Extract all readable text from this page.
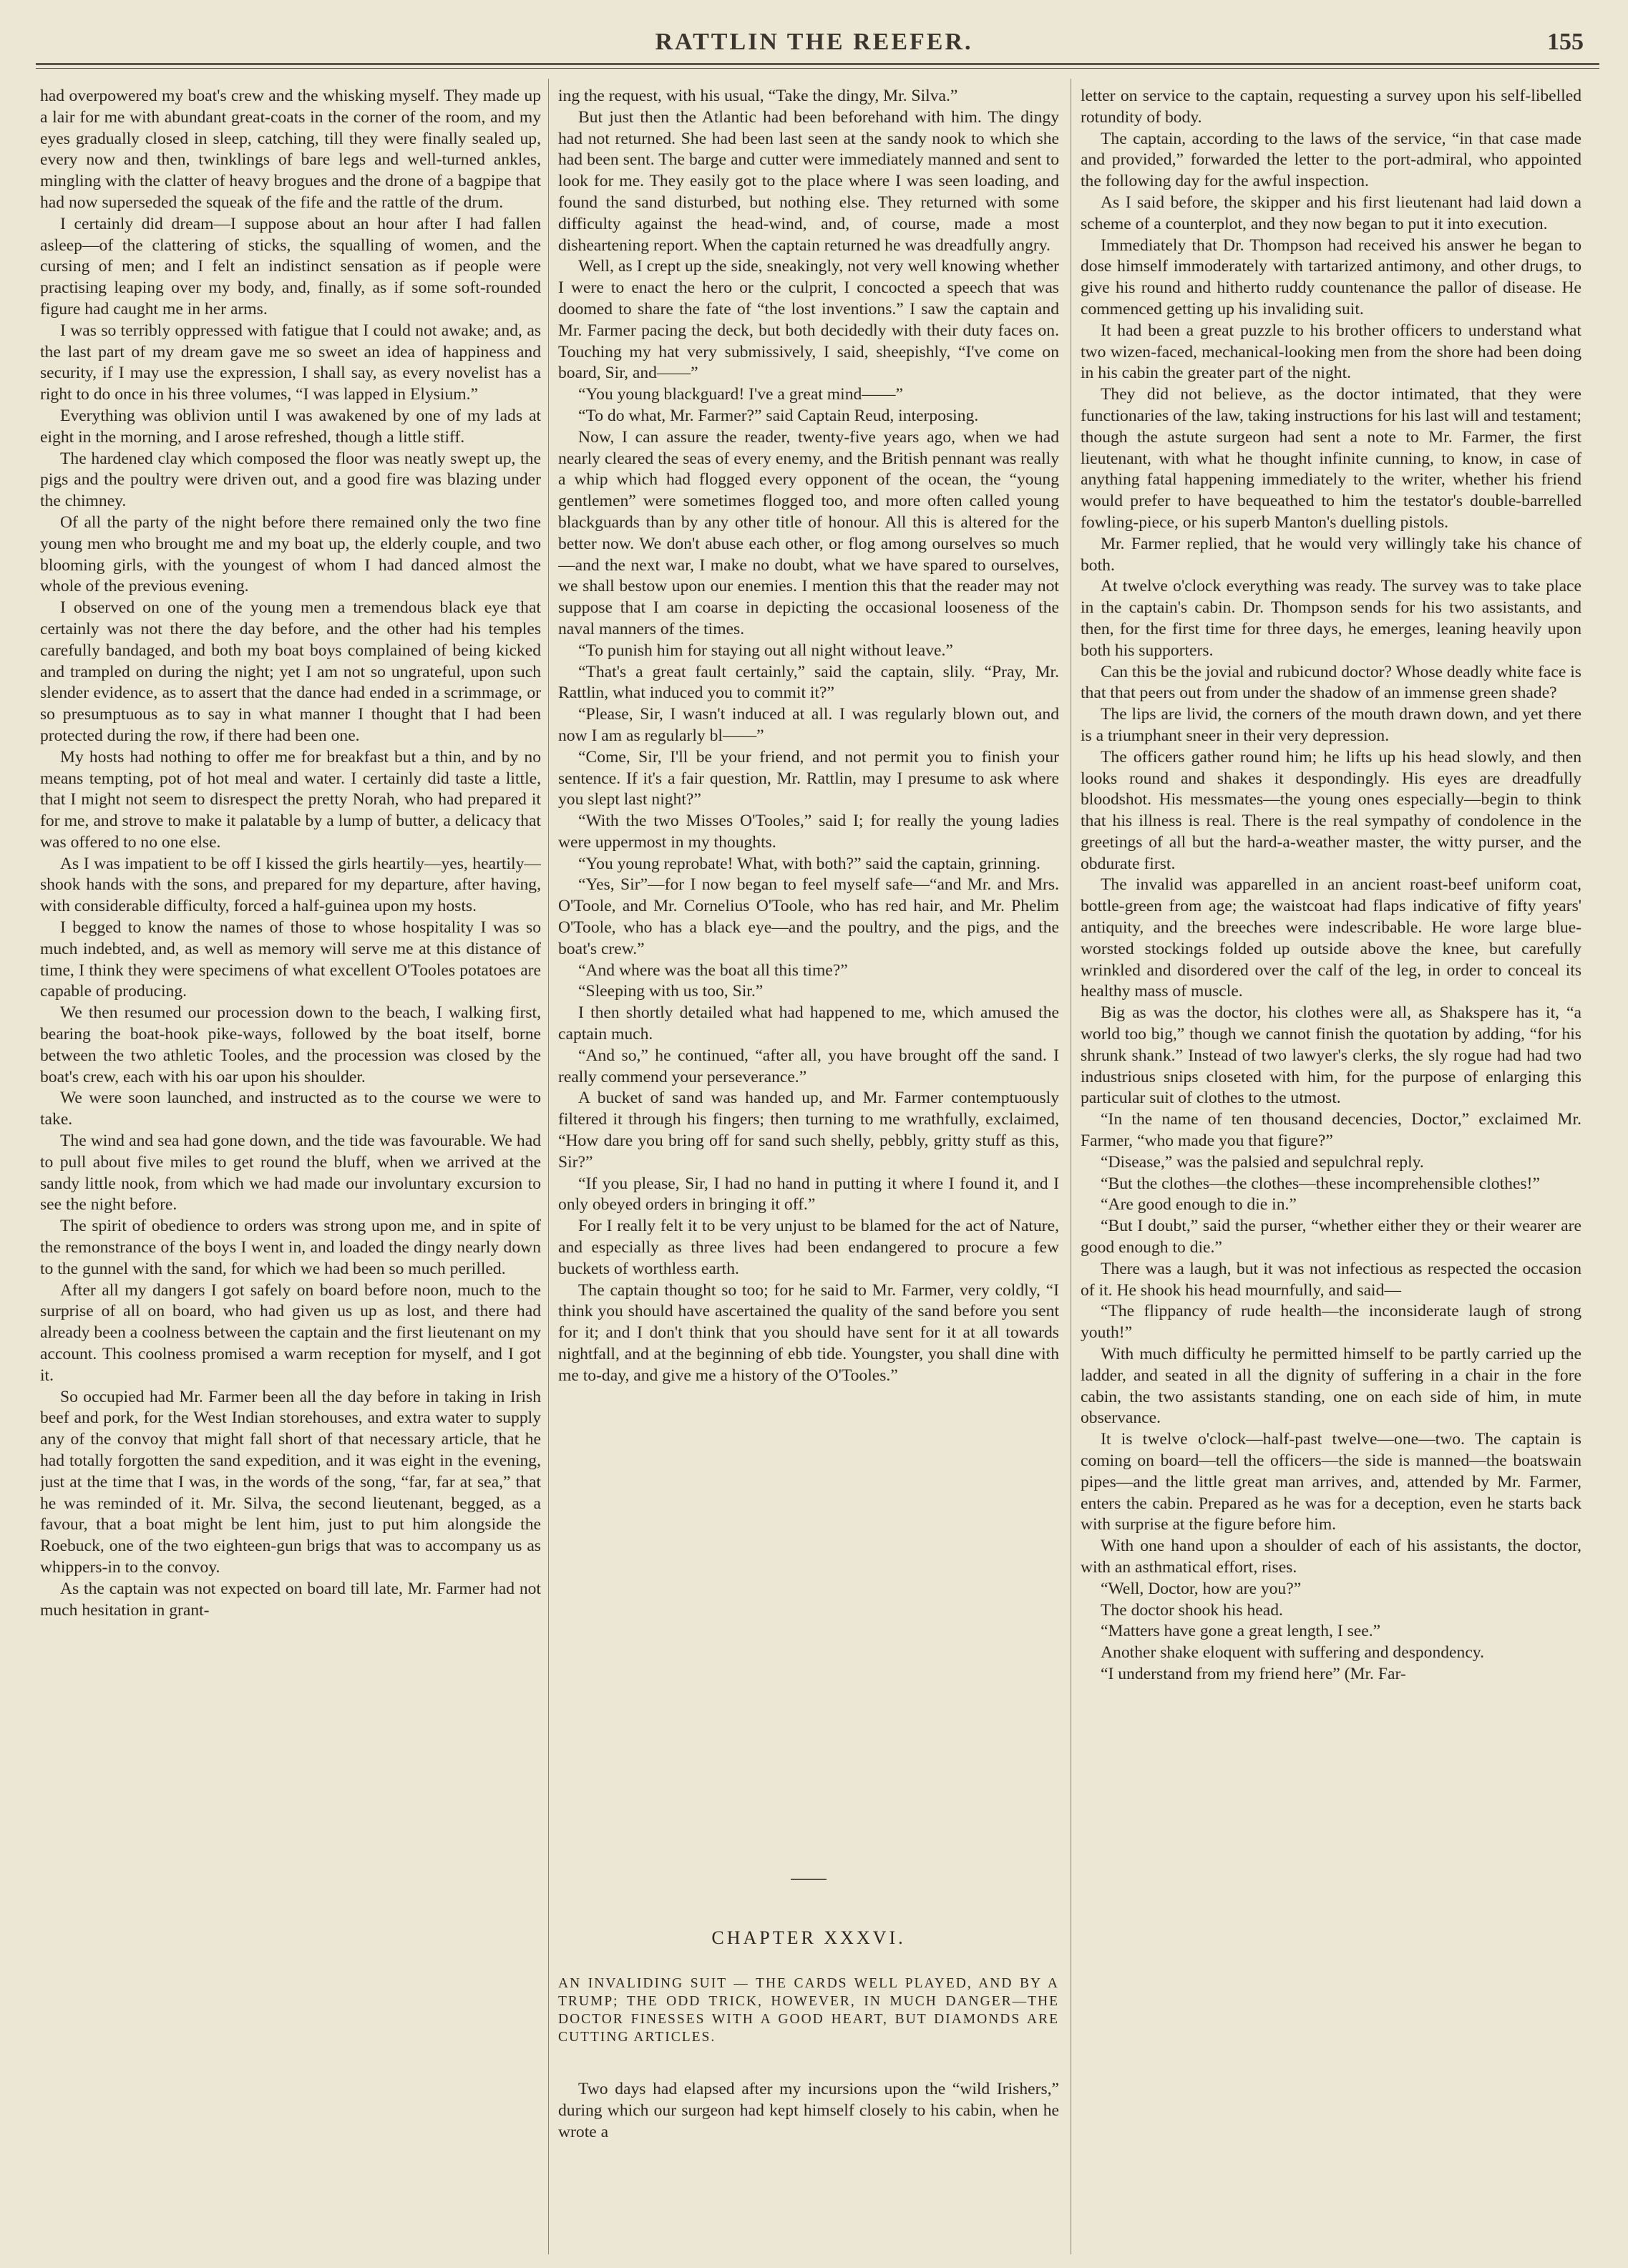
RATTLIN THE REEFER.	155

had overpowered my boat's crew and the whisking myself. They made up a lair for me with abundant great-coats in the corner of the room, and my eyes gradually closed in sleep, catching, till they were finally sealed up, every now and then, twinklings of bare legs and well-turned ankles, mingling with the clatter of heavy brogues and the drone of a bagpipe that had now superseded the squeak of the fife and the rattle of the drum.

I certainly did dream—I suppose about an hour after I had fallen asleep—of the clattering of sticks, the squalling of women, and the cursing of men; and I felt an indistinct sensation as if people were practising leaping over my body, and, finally, as if some soft-rounded figure had caught me in her arms.

I was so terribly oppressed with fatigue that I could not awake; and, as the last part of my dream gave me so sweet an idea of happiness and security, if I may use the expression, I shall say, as every novelist has a right to do once in his three volumes, “I was lapped in Elysium.”

Everything was oblivion until I was awakened by one of my lads at eight in the morning, and I arose refreshed, though a little stiff.

The hardened clay which composed the floor was neatly swept up, the pigs and the poultry were driven out, and a good fire was blazing under the chimney.

Of all the party of the night before there remained only the two fine young men who brought me and my boat up, the elderly couple, and two blooming girls, with the youngest of whom I had danced almost the whole of the previous evening.

I observed on one of the young men a tremendous black eye that certainly was not there the day before, and the other had his temples carefully bandaged, and both my boat boys complained of being kicked and trampled on during the night; yet I am not so ungrateful, upon such slender evidence, as to assert that the dance had ended in a scrimmage, or so presumptuous as to say in what manner I thought that I had been protected during the row, if there had been one.

My hosts had nothing to offer me for breakfast but a thin, and by no means tempting, pot of hot meal and water. I certainly did taste a little, that I might not seem to disrespect the pretty Norah, who had prepared it for me, and strove to make it palatable by a lump of butter, a delicacy that was offered to no one else.

As I was impatient to be off I kissed the girls heartily—yes, heartily—shook hands with the sons, and prepared for my departure, after having, with considerable difficulty, forced a half-guinea upon my hosts.

I begged to know the names of those to whose hospitality I was so much indebted, and, as well as memory will serve me at this distance of time, I think they were specimens of what excellent O'Tooles potatoes are capable of producing.

We then resumed our procession down to the beach, I walking first, bearing the boat-hook pike-ways, followed by the boat itself, borne between the two athletic Tooles, and the procession was closed by the boat's crew, each with his oar upon his shoulder.

We were soon launched, and instructed as to the course we were to take.

The wind and sea had gone down, and the tide was favourable. We had to pull about five miles to get round the bluff, when we arrived at the sandy little nook, from which we had made our involuntary excursion to see the night before.

The spirit of obedience to orders was strong upon me, and in spite of the remonstrance of the boys I went in, and loaded the dingy nearly down to the gunnel with the sand, for which we had been so much perilled.

After all my dangers I got safely on board before noon, much to the surprise of all on board, who had given us up as lost, and there had already been a coolness between the captain and the first lieutenant on my account. This coolness promised a warm reception for myself, and I got it.

So occupied had Mr. Farmer been all the day before in taking in Irish beef and pork, for the West Indian storehouses, and extra water to supply any of the convoy that might fall short of that necessary article, that he had totally forgotten the sand expedition, and it was eight in the evening, just at the time that I was, in the words of the song, “far, far at sea,” that he was reminded of it. Mr. Silva, the second lieutenant, begged, as a favour, that a boat might be lent him, just to put him alongside the Roebuck, one of the two eighteen-gun brigs that was to accompany us as whippers-in to the convoy.

As the captain was not expected on board till late, Mr. Farmer had not much hesitation in grant-

ing the request, with his usual, “Take the dingy, Mr. Silva.”

But just then the Atlantic had been beforehand with him. The dingy had not returned. She had been last seen at the sandy nook to which she had been sent. The barge and cutter were immediately manned and sent to look for me. They easily got to the place where I was seen loading, and found the sand disturbed, but nothing else. They returned with some difficulty against the head-wind, and, of course, made a most disheartening report. When the captain returned he was dreadfully angry.

Well, as I crept up the side, sneakingly, not very well knowing whether I were to enact the hero or the culprit, I concocted a speech that was doomed to share the fate of “the lost inventions.” I saw the captain and Mr. Farmer pacing the deck, but both decidedly with their duty faces on. Touching my hat very submissively, I said, sheepishly, “I've come on board, Sir, and——”

“You young blackguard! I've a great mind——”

“To do what, Mr. Farmer?” said Captain Reud, interposing.

Now, I can assure the reader, twenty-five years ago, when we had nearly cleared the seas of every enemy, and the British pennant was really a whip which had flogged every opponent of the ocean, the “young gentlemen” were sometimes flogged too, and more often called young blackguards than by any other title of honour. All this is altered for the better now. We don't abuse each other, or flog among ourselves so much—and the next war, I make no doubt, what we have spared to ourselves, we shall bestow upon our enemies. I mention this that the reader may not suppose that I am coarse in depicting the occasional looseness of the naval manners of the times.

“To punish him for staying out all night without leave.”

“That's a great fault certainly,” said the captain, slily. “Pray, Mr. Rattlin, what induced you to commit it?”

“Please, Sir, I wasn't induced at all. I was regularly blown out, and now I am as regularly bl——”

“Come, Sir, I'll be your friend, and not permit you to finish your sentence. If it's a fair question, Mr. Rattlin, may I presume to ask where you slept last night?”

“With the two Misses O'Tooles,” said I; for really the young ladies were uppermost in my thoughts.

“You young reprobate! What, with both?” said the captain, grinning.

“Yes, Sir”—for I now began to feel myself safe—“and Mr. and Mrs. O'Toole, and Mr. Cornelius O'Toole, who has red hair, and Mr. Phelim O'Toole, who has a black eye—and the poultry, and the pigs, and the boat's crew.”

“And where was the boat all this time?”

“Sleeping with us too, Sir.”

I then shortly detailed what had happened to me, which amused the captain much.

“And so,” he continued, “after all, you have brought off the sand. I really commend your perseverance.”

A bucket of sand was handed up, and Mr. Farmer contemptuously filtered it through his fingers; then turning to me wrathfully, exclaimed, “How dare you bring off for sand such shelly, pebbly, gritty stuff as this, Sir?”

“If you please, Sir, I had no hand in putting it where I found it, and I only obeyed orders in bringing it off.”

For I really felt it to be very unjust to be blamed for the act of Nature, and especially as three lives had been endangered to procure a few buckets of worthless earth.

The captain thought so too; for he said to Mr. Farmer, very coldly, “I think you should have ascertained the quality of the sand before you sent for it; and I don't think that you should have sent for it at all towards nightfall, and at the beginning of ebb tide. Youngster, you shall dine with me to-day, and give me a history of the O'Tooles.”

CHAPTER XXXVI.
AN INVALIDING SUIT — THE CARDS WELL PLAYED, AND BY A TRUMP; THE ODD TRICK, HOWEVER, IN MUCH DANGER—THE DOCTOR FINESSES WITH A GOOD HEART, BUT DIAMONDS ARE CUTTING ARTICLES.

Two days had elapsed after my incursions upon the “wild Irishers,” during which our surgeon had kept himself closely to his cabin, when he wrote a

letter on service to the captain, requesting a survey upon his self-libelled rotundity of body.

The captain, according to the laws of the service, “in that case made and provided,” forwarded the letter to the port-admiral, who appointed the following day for the awful inspection.

As I said before, the skipper and his first lieutenant had laid down a scheme of a counterplot, and they now began to put it into execution.

Immediately that Dr. Thompson had received his answer he began to dose himself immoderately with tartarized antimony, and other drugs, to give his round and hitherto ruddy countenance the pallor of disease. He commenced getting up his invaliding suit.

It had been a great puzzle to his brother officers to understand what two wizen-faced, mechanical-looking men from the shore had been doing in his cabin the greater part of the night.

They did not believe, as the doctor intimated, that they were functionaries of the law, taking instructions for his last will and testament; though the astute surgeon had sent a note to Mr. Farmer, the first lieutenant, with what he thought infinite cunning, to know, in case of anything fatal happening immediately to the writer, whether his friend would prefer to have bequeathed to him the testator's double-barrelled fowling-piece, or his superb Manton's duelling pistols.

Mr. Farmer replied, that he would very willingly take his chance of both.

At twelve o'clock everything was ready. The survey was to take place in the captain's cabin. Dr. Thompson sends for his two assistants, and then, for the first time for three days, he emerges, leaning heavily upon both his supporters.

Can this be the jovial and rubicund doctor? Whose deadly white face is that that peers out from under the shadow of an immense green shade?

The lips are livid, the corners of the mouth drawn down, and yet there is a triumphant sneer in their very depression.

The officers gather round him; he lifts up his head slowly, and then looks round and shakes it despondingly. His eyes are dreadfully bloodshot. His messmates—the young ones especially—begin to think that his illness is real. There is the real sympathy of condolence in the greetings of all but the hard-a-weather master, the witty purser, and the obdurate first.

The invalid was apparelled in an ancient roast-beef uniform coat, bottle-green from age; the waistcoat had flaps indicative of fifty years' antiquity, and the breeches were indescribable. He wore large blue-worsted stockings folded up outside above the knee, but carefully wrinkled and disordered over the calf of the leg, in order to conceal its healthy mass of muscle.

Big as was the doctor, his clothes were all, as Shakspere has it, “a world too big,” though we cannot finish the quotation by adding, “for his shrunk shank.” Instead of two lawyer's clerks, the sly rogue had had two industrious snips closeted with him, for the purpose of enlarging this particular suit of clothes to the utmost.

“In the name of ten thousand decencies, Doctor,” exclaimed Mr. Farmer, “who made you that figure?”

“Disease,” was the palsied and sepulchral reply.

“But the clothes—the clothes—these incomprehensible clothes!”

“Are good enough to die in.”

“But I doubt,” said the purser, “whether either they or their wearer are good enough to die.”

There was a laugh, but it was not infectious as respected the occasion of it. He shook his head mournfully, and said—

“The flippancy of rude health—the inconsiderate laugh of strong youth!”

With much difficulty he permitted himself to be partly carried up the ladder, and seated in all the dignity of suffering in a chair in the fore cabin, the two assistants standing, one on each side of him, in mute observance.

It is twelve o'clock—half-past twelve—one—two. The captain is coming on board—tell the officers—the side is manned—the boatswain pipes—and the little great man arrives, and, attended by Mr. Farmer, enters the cabin. Prepared as he was for a deception, even he starts back with surprise at the figure before him.

With one hand upon a shoulder of each of his assistants, the doctor, with an asthmatical effort, rises.

“Well, Doctor, how are you?”

The doctor shook his head.

“Matters have gone a great length, I see.”

Another shake eloquent with suffering and despondency.

“I understand from my friend here” (Mr. Far-
